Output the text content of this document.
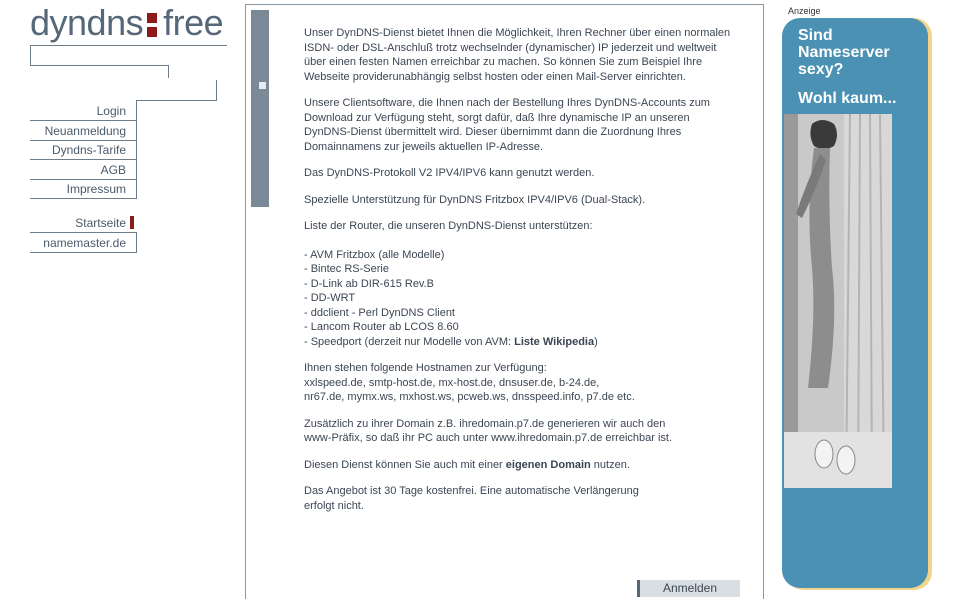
dyndns free
Login
Neuanmeldung
Dyndns-Tarife
AGB
Impressum
Startseite
namemaster.de

Unser DynDNS-Dienst bietet Ihnen die Möglichkeit, Ihren Rechner über einen normalen ISDN- oder DSL-Anschluß trotz wechselnder (dynamischer) IP jederzeit und weltweit über einen festen Namen erreichbar zu machen. So können Sie zum Beispiel Ihre Webseite providerunabhängig selbst hosten oder einen Mail-Server einrichten.

Unsere Clientsoftware, die Ihnen nach der Bestellung Ihres DynDNS-Accounts zum Download zur Verfügung steht, sorgt dafür, daß Ihre dynamische IP an unseren DynDNS-Dienst übermittelt wird. Dieser übernimmt dann die Zuordnung Ihres Domainnamens zur jeweils aktuellen IP-Adresse.

Das DynDNS-Protokoll V2 IPV4/IPV6 kann genutzt werden.

Spezielle Unterstützung für DynDNS Fritzbox IPV4/IPV6 (Dual-Stack).

Liste der Router, die unseren DynDNS-Dienst unterstützen:

- AVM Fritzbox (alle Modelle)
- Bintec RS-Serie
- D-Link ab DIR-615 Rev.B
- DD-WRT
- ddclient - Perl DynDNS Client
- Lancom Router ab LCOS 8.60
- Speedport (derzeit nur Modelle von AVM: Liste Wikipedia)

Ihnen stehen folgende Hostnamen zur Verfügung:
xxlspeed.de, smtp-host.de, mx-host.de, dnsuser.de, b-24.de,
nr67.de, mymx.ws, mxhost.ws, pcweb.ws, dnsspeed.info, p7.de etc.

Zusätzlich zu ihrer Domain z.B. ihredomain.p7.de generieren wir auch den
www-Präfix, so daß ihr PC auch unter www.ihredomain.p7.de erreichbar ist.

Diesen Dienst können Sie auch mit einer eigenen Domain nutzen.

Das Angebot ist 30 Tage kostenfrei. Eine automatische Verlängerung
erfolgt nicht.

Anmelden
Anzeige
Sind
Nameserver
sexy?
Wohl kaum...
